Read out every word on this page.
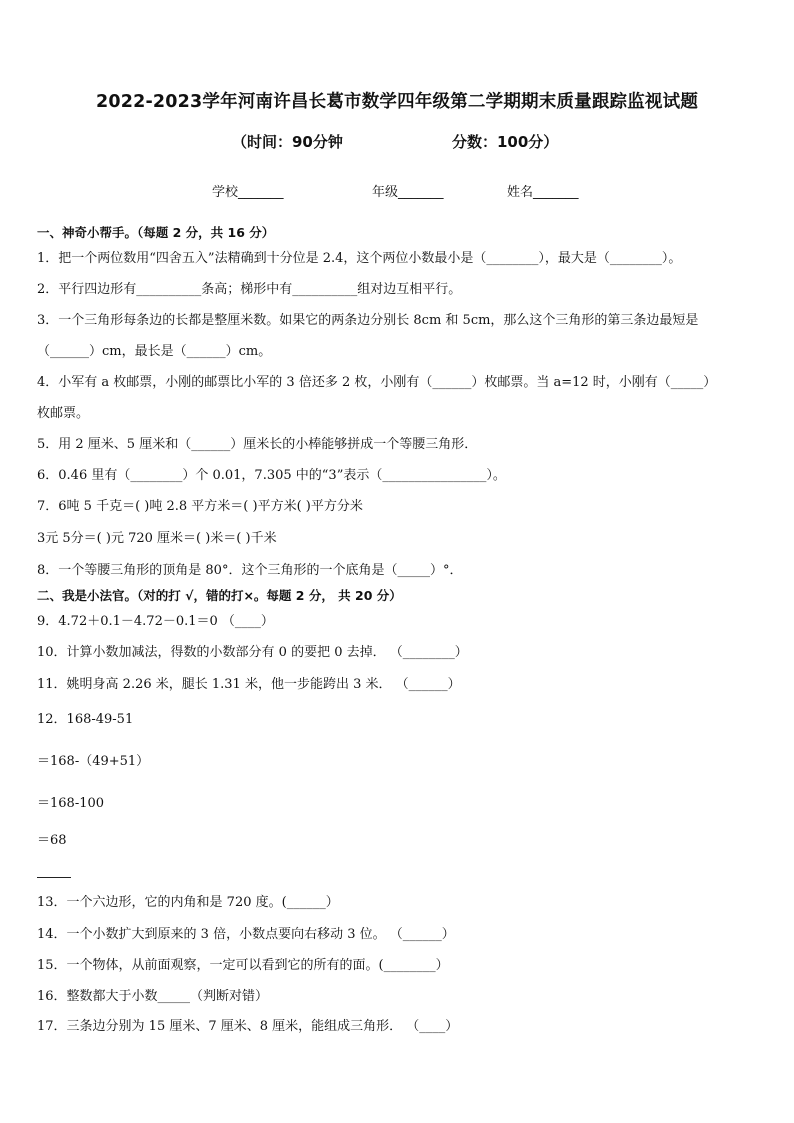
2022-2023学年河南许昌长葛市数学四年级第二学期期末质量跟踪监视试题
（时间：90分钟	分数：100分）
学校_______	年级_______	姓名_______
一、神奇小帮手。（每题 2 分，共 16 分）
1．把一个两位数用“四舍五入”法精确到十分位是 2.4，这个两位小数最小是（________），最大是（________）。
2．平行四边形有__________条高；梯形中有__________组对边互相平行。
3．一个三角形每条边的长都是整厘米数。如果它的两条边分别长 8cm 和 5cm，那么这个三角形的第三条边最短是
（______）cm，最长是（______）cm。
4．小军有 a 枚邮票，小刚的邮票比小军的 3 倍还多 2 枚，小刚有（______）枚邮票。当 a=12 时，小刚有（_____）
枚邮票。
5．用 2 厘米、5 厘米和（______）厘米长的小棒能够拼成一个等腰三角形．
6．0.46 里有（________）个 0.01，7.305 中的“3”表示（________________）。
7．6吨 5 千克＝( )吨 2.8 平方米＝( )平方米( )平方分米
3元 5分＝( )元 720 厘米＝( )米＝( )千米
8．一个等腰三角形的顶角是 80°．这个三角形的一个底角是（_____）°．
二、我是小法官。（对的打 √，错的打×。每题 2 分， 共 20 分）
9．4.72＋0.1－4.72－0.1＝0 （____）
10．计算小数加减法，得数的小数部分有 0 的要把 0 去掉． （________）
11．姚明身高 2.26 米，腿长 1.31 米，他一步能跨出 3 米． （______）
12．168-49-51
＝168-（49+51）
＝168-100
＝68
13．一个六边形，它的内角和是 720 度。(______）
14．一个小数扩大到原来的 3 倍，小数点要向右移动 3 位。 （______）
15．一个物体，从前面观察，一定可以看到它的所有的面。(________）
16．整数都大于小数_____（判断对错）
17．三条边分别为 15 厘米、7 厘米、8 厘米，能组成三角形． （____）
